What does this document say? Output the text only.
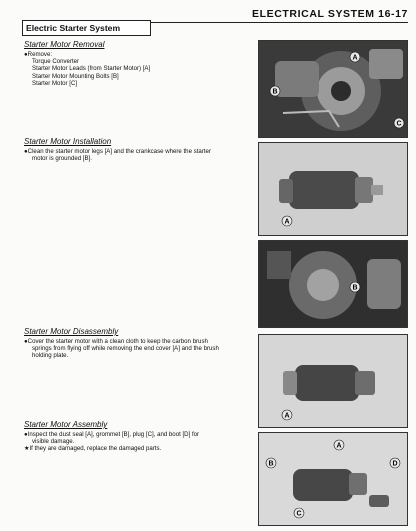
ELECTRICAL SYSTEM 16-17
Electric Starter System
Starter Motor Removal
●Remove:
Torque Converter
Starter Motor Leads (from Starter Motor) [A]
Starter Motor Mounting Bolts [B]
Starter Motor [C]
Starter Motor Installation
●Clean the starter motor legs [A] and the crankcase where the starter
motor is grounded [B].
Starter Motor Disassembly
●Cover the starter motor with a clean cloth to keep the carbon brush
springs from flying off while removing the end cover [A] and the brush
holding plate.
Starter Motor Assembly
●Inspect the dust seal [A], grommet [B], plug [C], and boot [D] for
visible damage.
★If they are damaged, replace the damaged parts.
B
A
C
A
B
A
A
B	D
C
